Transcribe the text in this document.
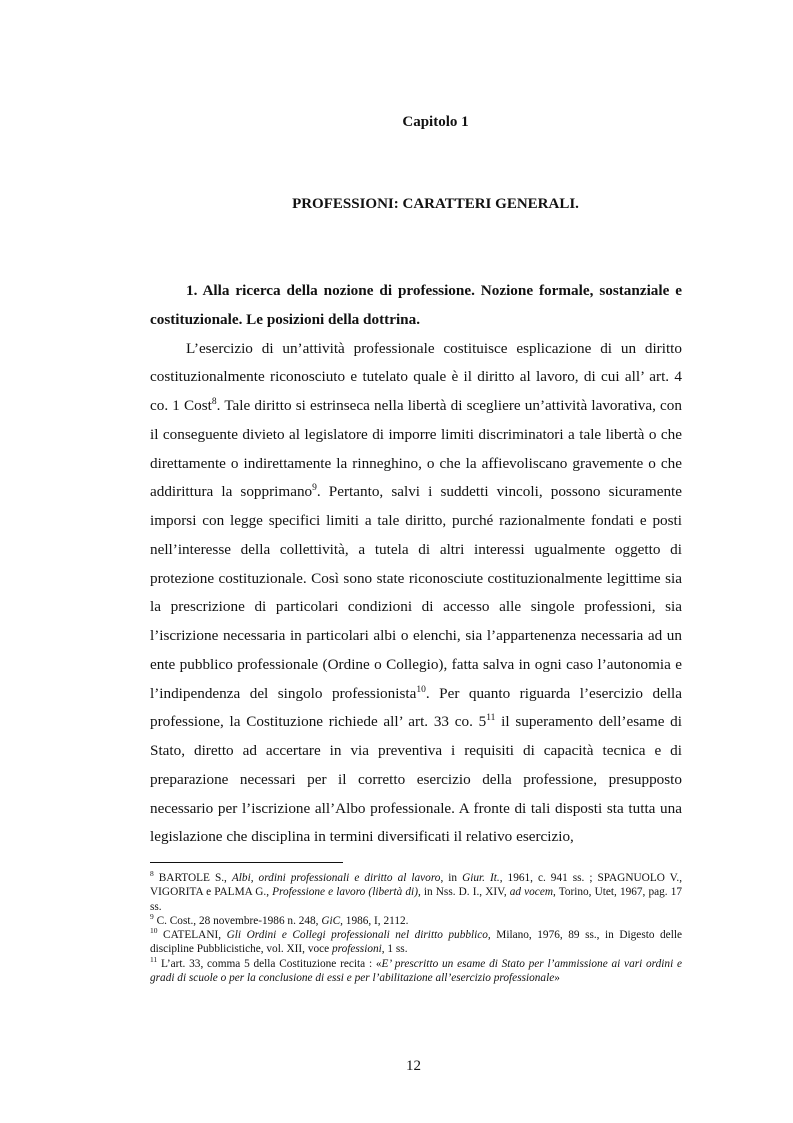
Capitolo 1
PROFESSIONI: CARATTERI GENERALI.

1. Alla ricerca della nozione di professione. Nozione formale, sostanziale e costituzionale. Le posizioni della dottrina.

L’esercizio di un’attività professionale costituisce esplicazione di un diritto costituzionalmente riconosciuto e tutelato quale è il diritto al lavoro, di cui all’ art. 4 co. 1 Cost$^8$. Tale diritto si estrinseca nella libertà di scegliere un’attività lavorativa, con il conseguente divieto al legislatore di imporre limiti discriminatori a tale libertà o che direttamente o indirettamente la rinneghino, o che la affievoliscano gravemente o che addirittura la sopprimano$^9$. Pertanto, salvi i suddetti vincoli, possono sicuramente imporsi con legge specifici limiti a tale diritto, purché razionalmente fondati e posti nell’interesse della collettività, a tutela di altri interessi ugualmente oggetto di protezione costituzionale. Così sono state riconosciute costituzionalmente legittime sia la prescrizione di particolari condizioni di accesso alle singole professioni, sia l’iscrizione necessaria in particolari albi o elenchi, sia l’appartenenza necessaria ad un ente pubblico professionale (Ordine o Collegio), fatta salva in ogni caso l’autonomia e l’indipendenza del singolo professionista$^{10}$. Per quanto riguarda l’esercizio della professione, la Costituzione richiede all’ art. 33 co. $5^{11}$ il superamento dell’esame di Stato, diretto ad accertare in via preventiva i requisiti di capacità tecnica e di preparazione necessari per il corretto esercizio della professione, presupposto necessario per l’iscrizione all’Albo professionale. A fronte di tali disposti sta tutta una legislazione che disciplina in termini diversificati il relativo esercizio,

$^8$ BARTOLE S., Albi, ordini professionali e diritto al lavoro, in Giur. It., 1961, c. 941 ss. ; SPAGNUOLO V., VIGORITA e PALMA G., Professione e lavoro (libertà di), in Nss. D. I., XIV, ad vocem, Torino, Utet, 1967, pag. 17 ss.

$^9$ C. Cost., 28 novembre-1986 n. 248, GiC, 1986, I, 2112.

$^{10}$ CATELANI, Gli Ordini e Collegi professionali nel diritto pubblico, Milano, 1976, 89 ss., in Digesto delle discipline Pubblicistiche, vol. XII, voce professioni, 1 ss.

$^{11}$ L’art. 33, comma 5 della Costituzione recita : «E’ prescritto un esame di Stato per l’ammissione ai vari ordini e gradi di scuole o per la conclusione di essi e per l’abilitazione all’esercizio professionale»

12
